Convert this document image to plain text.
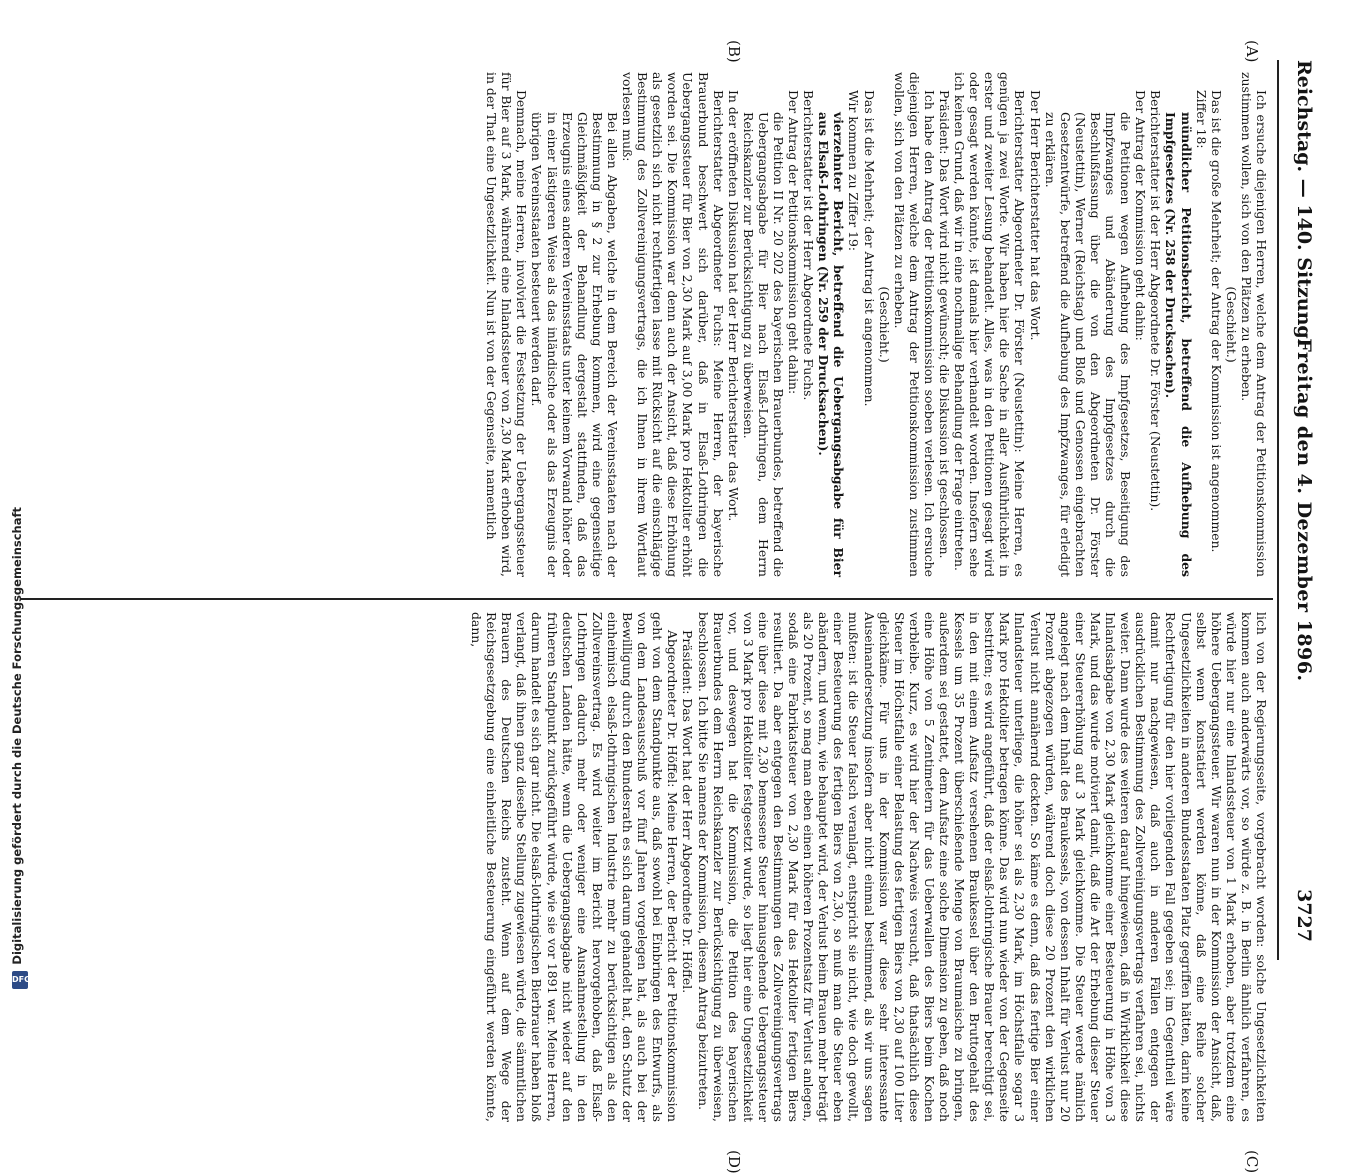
Reichstag. — 140. Sitzung.
Freitag den 4. Dezember 1896.
3727
(A)
(B)
(C)
(D)

Ich ersuche diejenigen Herren, welche dem Antrag der Petitionskommission zustimmen wollen, sich von den Plätzen zu erheben.

(Geschieht.)

Das ist die große Mehrheit; der Antrag der Kommission ist angenommen.

Ziffer 18:

mündlicher Petitionsbericht, betreffend die Aufhebung des Impfgesetzes (Nr. 258 der Drucksachen).

Berichterstatter ist der Herr Abgeordnete Dr. Förster (Neustettin).

Der Antrag der Kommission geht dahin:

die Petitionen wegen Aufhebung des Impfgesetzes, Beseitigung des Impfzwanges und Abänderung des Impfgesetzes durch die Beschlußfassung über die von den Abgeordneten Dr. Förster (Neustettin), Werner (Reichstag) und Bloß und Genossen eingebrachten Gesetzentwürfe, betreffend die Aufhebung des Impfzwanges, für erledigt zu erklären.

Der Herr Berichterstatter hat das Wort.

Berichterstatter Abgeordneter Dr. Förster (Neustettin): Meine Herren, es genügen ja zwei Worte. Wir haben hier die Sache in aller Ausführlichkeit in erster und zweiter Lesung behandelt. Alles, was in den Petitionen gesagt wird oder gesagt werden könnte, ist damals hier verhandelt worden. Insofern sehe ich keinen Grund, daß wir in eine nochmalige Behandlung der Frage eintreten.

Präsident: Das Wort wird nicht gewünscht; die Diskussion ist geschlossen.

Ich habe den Antrag der Petitionskommission soeben verlesen. Ich ersuche diejenigen Herren, welche dem Antrag der Petitionskommission zustimmen wollen, sich von den Plätzen zu erheben.

(Geschieht.)

Das ist die Mehrheit; der Antrag ist angenommen.

Wir kommen zu Ziffer 19:

vierzehnter Bericht, betreffend die Uebergangsabgabe für Bier aus Elsaß-Lothringen (Nr. 259 der Drucksachen).

Berichterstatter ist der Herr Abgeordnete Fuchs.

Der Antrag der Petitionskommission geht dahin:

die Petition II Nr. 20 202 des bayerischen Brauerbundes, betreffend die Uebergangsabgabe für Bier nach Elsaß-Lothringen, dem Herrn Reichskanzler zur Berücksichtigung zu überweisen.

In der eröffneten Diskussion hat der Herr Berichterstatter das Wort.

Berichterstatter Abgeordneter Fuchs: Meine Herren, der bayerische Brauerbund beschwert sich darüber, daß in Elsaß-Lothringen die Uebergangssteuer für Bier von 2,30 Mark auf 3,00 Mark pro Hektoliter erhöht worden sei. Die Kommission war denn auch der Ansicht, daß diese Erhöhung als gesetzlich sich nicht rechtfertigen lasse mit Rücksicht auf die einschlägige Bestimmung des Zollvereinigungsvertrags, die ich Ihnen in ihrem Wortlaut vorlesen muß:

Bei allen Abgaben, welche in dem Bereich der Vereinsstaaten nach der Bestimmung in § 2 zur Erhebung kommen, wird eine gegenseitige Gleichmäßigkeit der Behandlung dergestalt stattfinden, daß das Erzeugnis eines anderen Vereinsstaats unter keinem Vorwand höher oder in einer lästigeren Weise als das inländische oder als das Erzeugnis der übrigen Vereinsstaaten besteuert werden darf.

Demnach, meine Herren, involviert die Festsetzung der Uebergangssteuer für Bier auf 3 Mark, während eine Inlandssteuer von 2,30 Mark erhoben wird, in der That eine Ungesetzlichkeit. Nun ist von der Gegenseite, namentlich

lich von der Regierungsseite, vorgebracht worden: solche Ungesetzlichkeiten kommen auch anderwärts vor, so würde z. B. in Berlin ähnlich verfahren, es würde hier nur eine Inlandssteuer von 1 Mark erhoben, aber trotzdem eine höhere Uebergangssteuer. Wir waren nun in der Kommission der Ansicht, daß, selbst wenn konstatiert werden könne, daß eine Reihe solcher Ungesetzlichkeiten in anderen Bundesstaaten Platz gegriffen hätten, darin keine Rechtfertigung für den hier vorliegenden Fall gegeben sei; im Gegentheil wäre damit nur nachgewiesen, daß auch in anderen Fällen entgegen der ausdrücklichen Bestimmung des Zollvereinigungsvertrags verfahren sei, nichts weiter. Dann wurde des weiteren darauf hingewiesen, daß in Wirklichkeit diese Inlandsabgabe von 2,30 Mark gleichkomme einer Besteuerung in Höhe von 3 Mark, und das wurde motiviert damit, daß die Art der Erhebung dieser Steuer einer Steuererhöhung auf 3 Mark gleichkomme. Die Steuer werde nämlich angelegt nach dem Inhalt des Braukessels, von dessen Inhalt für Verlust nur 20 Prozent abgezogen würden, während doch diese 20 Prozent den wirklichen Verlust nicht annähernd deckten. So käme es denn, daß das fertige Bier einer Inlandsteuer unterliege, die höher sei als 2,30 Mark, im Höchstfalle sogar 3 Mark pro Hektoliter betragen könne. Das wird nun wieder von der Gegenseite bestritten; es wird angeführt, daß der elsaß-lothringische Brauer berechtigt sei, in den mit einem Aufsatz versehenen Braukessel über den Bruttogehalt des Kessels um 35 Prozent überschießende Menge von Braumaische zu bringen, außerdem sei gestattet, dem Aufsatz eine solche Dimension zu geben, daß noch eine Höhe von 5 Zentimetern für das Ueberwallen des Biers beim Kochen verbleibe. Kurz, es wird hier der Nachweis versucht, daß thatsächlich diese Steuer im Höchstfalle einer Belastung des fertigen Biers von 2,30 auf 100 Liter gleichkäme. Für uns in der Kommission war diese sehr interessante Auseinandersetzung insofern aber nicht einmal bestimmend, als wir uns sagen mußten: ist die Steuer falsch veranlagt, entspricht sie nicht, wie doch gewollt, einer Besteuerung des fertigen Biers von 2,30, so muß man die Steuer eben abändern, und wenn, wie behauptet wird, der Verlust beim Brauen mehr beträgt als 20 Prozent, so mag man eben einen höheren Prozentsatz für Verlust anlegen, sodaß eine Fabrikatsteuer von 2,30 Mark für das Hektoliter fertigen Biers resultiert. Da aber entgegen den Bestimmungen des Zollvereinigungsvertrags eine über diese mit 2,30 bemessene Steuer hinausgehende Uebergangssteuer von 3 Mark pro Hektoliter festgesetzt wurde, so liegt hier eine Ungesetzlichkeit vor, und deswegen hat die Kommission, die Petition des bayerischen Brauerbundes dem Herrn Reichskanzler zur Berücksichtigung zu überweisen, beschlossen. Ich bitte Sie namens der Kommission, diesem Antrag beizutreten.

Präsident: Das Wort hat der Herr Abgeordnete Dr. Höffel.

Abgeordneter Dr. Höffel: Meine Herren, der Bericht der Petitionskommission geht von dem Standpunkte aus, daß sowohl bei Einbringen des Entwurfs, als von dem Landesausschuß vor fünf Jahren vorgelegen hat, als auch bei der Bewilligung durch den Bundesrath es sich darum gehandelt hat, den Schutz der einheimisch elsaß-lothringischen Industrie mehr zu berücksichtigen als den Zollvereinsvertrag. Es wird weiter im Bericht hervorgehoben, daß Elsaß-Lothringen dadurch mehr oder weniger eine Ausnahmestellung in den deutschen Landen hätte, wenn die Uebergangsabgabe nicht wieder auf den früheren Standpunkt zurückgeführt würde, wie sie vor 1891 war. Meine Herren, darum handelt es sich gar nicht. Die elsaß-lothringischen Bierbrauer haben bloß verlangt, daß ihnen ganz dieselbe Stellung zugewiesen würde, die sämmtlichen Brauern des Deutschen Reichs zusteht. Wenn auf dem Wege der Reichsgesetzgebung eine einheitliche Besteuerung eingeführt werden könnte, dann,

Digitalisierung gefördert durch die Deutsche Forschungsgemeinschaft
DFG
